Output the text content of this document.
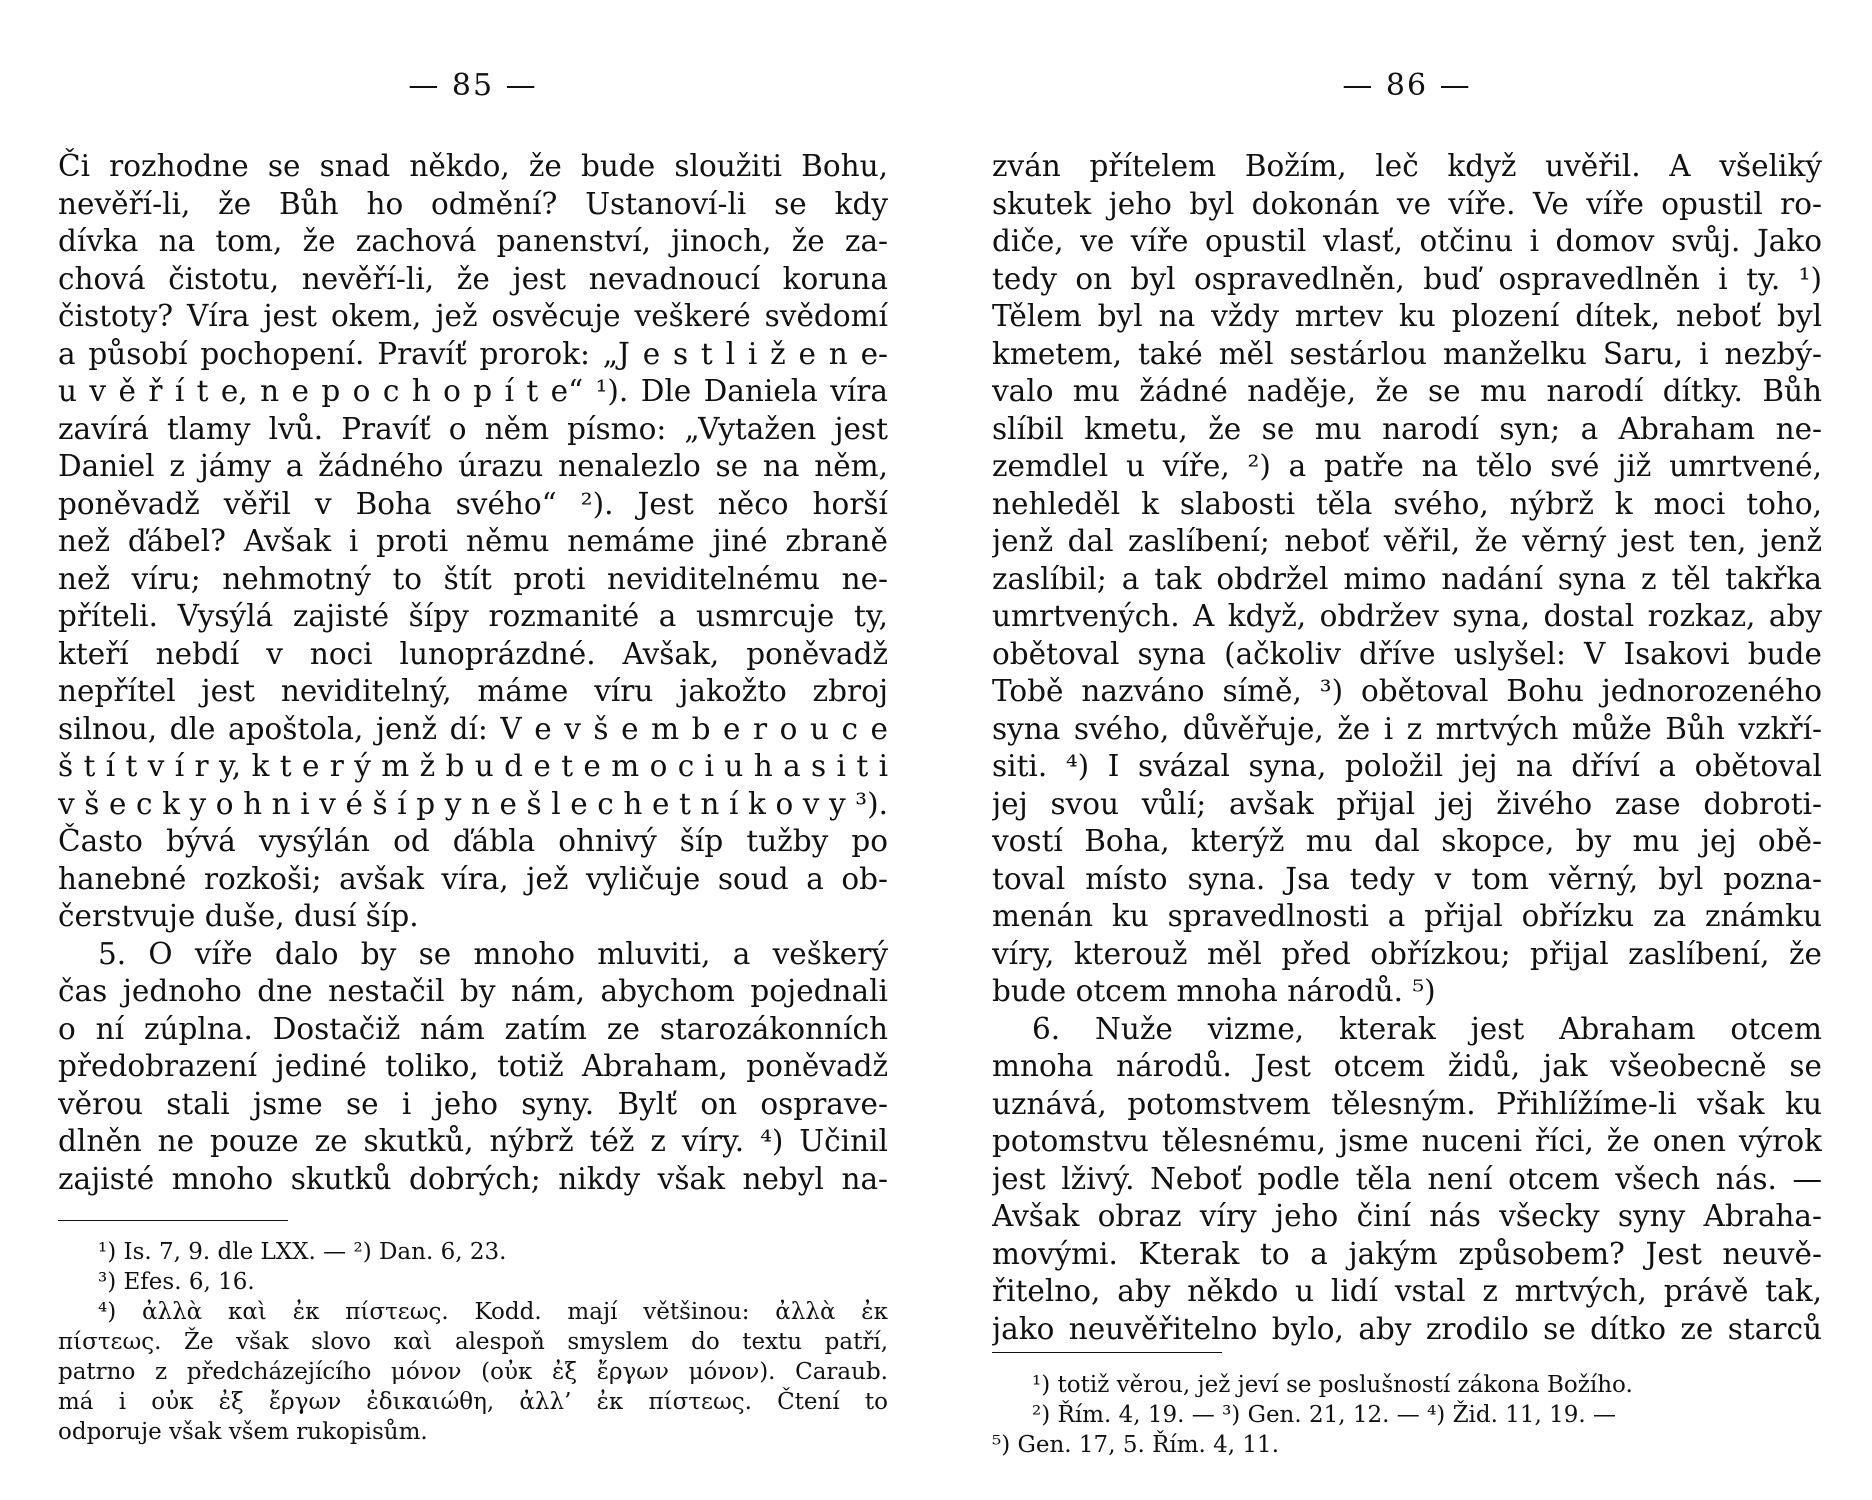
— 85 —
Či rozhodne se snad někdo, že bude sloužiti Bohu,
nevěří-li, že Bůh ho odmění? Ustanoví-li se kdy
dívka na tom, že zachová panenství, jinoch, že za-
chová čistotu, nevěří-li, že jest nevadnoucí koruna
čistoty? Víra jest okem, jež osvěcuje veškeré svědomí
a působí pochopení. Pravíť prorok: „J e s t l i ž e n e-
u v ě ř í t e, n e p o c h o p í t e“ ¹). Dle Daniela víra
zavírá tlamy lvů. Pravíť o něm písmo: „Vytažen jest
Daniel z jámy a žádného úrazu nenalezlo se na něm,
poněvadž věřil v Boha svého“ ²). Jest něco horší
než ďábel? Avšak i proti němu nemáme jiné zbraně
než víru; nehmotný to štít proti neviditelnému ne-
příteli. Vysýlá zajisté šípy rozmanité a usmrcuje ty,
kteří nebdí v noci lunoprázdné. Avšak, poněvadž
nepřítel jest neviditelný, máme víru jakožto zbroj
silnou, dle apoštola, jenž dí: V e v š e m b e r o u c e
š t í t v í r y, k t e r ý m ž b u d e t e m o c i u h a s i t i
v š e c k y o h n i v é š í p y n e š l e c h e t n í k o v y ³).
Často bývá vysýlán od ďábla ohnivý šíp tužby po
hanebné rozkoši; avšak víra, jež vyličuje soud a ob-
čerstvuje duše, dusí šíp.
5. O víře dalo by se mnoho mluviti, a veškerý
čas jednoho dne nestačil by nám, abychom pojednali
o ní zúplna. Dostačiž nám zatím ze starozákonních
předobrazení jediné toliko, totiž Abraham, poněvadž
věrou stali jsme se i jeho syny. Bylť on osprave-
dlněn ne pouze ze skutků, nýbrž též z víry. ⁴) Učinil
zajisté mnoho skutků dobrých; nikdy však nebyl na-
¹) Is. 7, 9. dle LXX. — ²) Dan. 6, 23.
³) Efes. 6, 16.
⁴) ἀλλὰ καὶ ἐκ πίστεως. Kodd. mají většinou: ἀλλὰ ἐκ
πίστεως. Že však slovo καὶ alespoň smyslem do textu patří,
patrno z předcházejícího μόνον (οὐκ ἐξ ἔργων μόνον). Caraub.
má i οὐκ ἐξ ἔργων ἐδικαιώθη, ἀλλ’ ἐκ πίστεως. Čtení to
odporuje však všem rukopisům.
— 86 —
zván přítelem Božím, leč když uvěřil. A všeliký
skutek jeho byl dokonán ve víře. Ve víře opustil ro-
diče, ve víře opustil vlasť, otčinu i domov svůj. Jako
tedy on byl ospravedlněn, buď ospravedlněn i ty. ¹)
Tělem byl na vždy mrtev ku plození dítek, neboť byl
kmetem, také měl sestárlou manželku Saru, i nezbý-
valo mu žádné naděje, že se mu narodí dítky. Bůh
slíbil kmetu, že se mu narodí syn; a Abraham ne-
zemdlel u víře, ²) a patře na tělo své již umrtvené,
nehleděl k slabosti těla svého, nýbrž k moci toho,
jenž dal zaslíbení; neboť věřil, že věrný jest ten, jenž
zaslíbil; a tak obdržel mimo nadání syna z těl takřka
umrtvených. A když, obdržev syna, dostal rozkaz, aby
obětoval syna (ačkoliv dříve uslyšel: V Isakovi bude
Tobě nazváno símě, ³) obětoval Bohu jednorozeného
syna svého, důvěřuje, že i z mrtvých může Bůh vzkří-
siti. ⁴) I svázal syna, položil jej na dříví a obětoval
jej svou vůlí; avšak přijal jej živého zase dobroti-
vostí Boha, kterýž mu dal skopce, by mu jej obě-
toval místo syna. Jsa tedy v tom věrný, byl pozna-
menán ku spravedlnosti a přijal obřízku za známku
víry, kterouž měl před obřízkou; přijal zaslíbení, že
bude otcem mnoha národů. ⁵)
6. Nuže vizme, kterak jest Abraham otcem
mnoha národů. Jest otcem židů, jak všeobecně se
uznává, potomstvem tělesným. Přihlížíme-li však ku
potomstvu tělesnému, jsme nuceni říci, že onen výrok
jest lživý. Neboť podle těla není otcem všech nás. —
Avšak obraz víry jeho činí nás všecky syny Abraha-
movými. Kterak to a jakým způsobem? Jest neuvě-
řitelno, aby někdo u lidí vstal z mrtvých, právě tak,
jako neuvěřitelno bylo, aby zrodilo se dítko ze starců
¹) totiž věrou, jež jeví se poslušností zákona Božího.
²) Řím. 4, 19. — ³) Gen. 21, 12. — ⁴) Žid. 11, 19. —
⁵) Gen. 17, 5. Řím. 4, 11.
